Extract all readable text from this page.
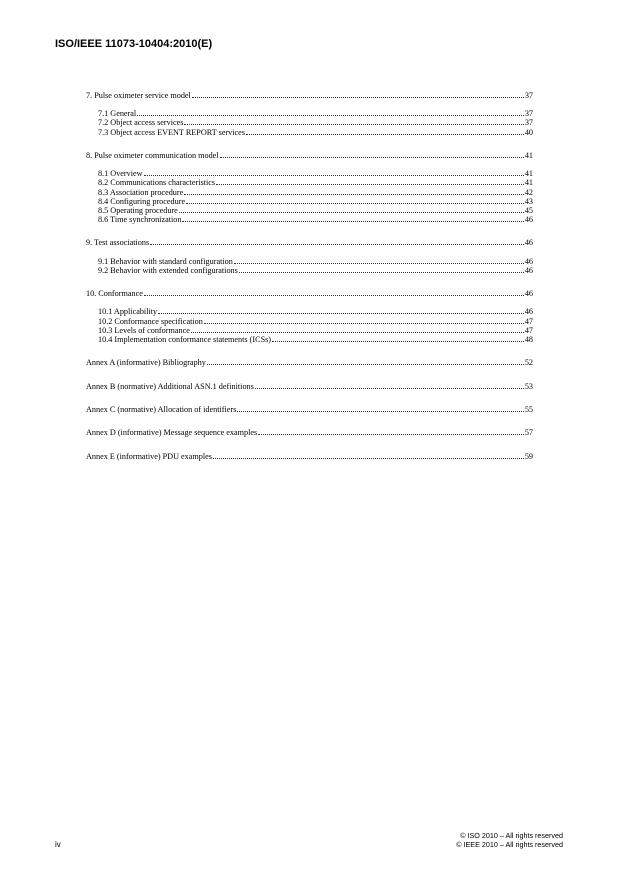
ISO/IEEE 11073-10404:2010(E)
7. Pulse oximeter service model	37
7.1 General	37
7.2 Object access services	37
7.3 Object access EVENT REPORT services	40
8. Pulse oximeter communication model	41
8.1 Overview	41
8.2 Communications characteristics	41
8.3 Association procedure	42
8.4 Configuring procedure	43
8.5 Operating procedure	45
8.6 Time synchronization	46
9. Test associations	46
9.1 Behavior with standard configuration	46
9.2 Behavior with extended configurations	46
10. Conformance	46
10.1 Applicability	46
10.2 Conformance specification	47
10.3 Levels of conformance	47
10.4 Implementation conformance statements (ICSs)	48
Annex A (informative) Bibliography	52
Annex B (normative) Additional ASN.1 definitions	53
Annex C (normative) Allocation of identifiers	55
Annex D (informative) Message sequence examples	57
Annex E (informative) PDU examples	59
iv
© ISO 2010 – All rights reserved
© IEEE 2010 – All rights reserved
